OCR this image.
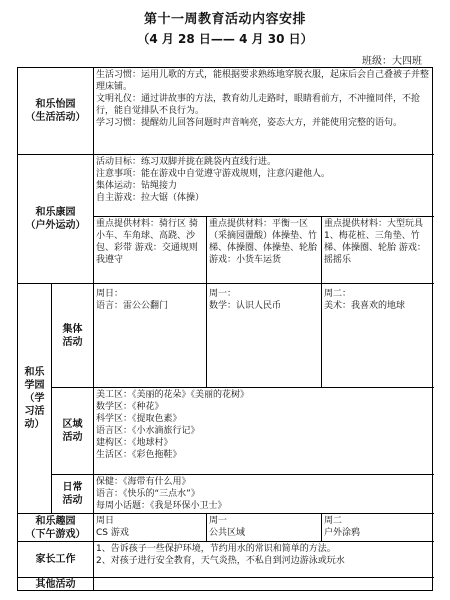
第十一周教育活动内容安排
（4 月 28 日—— 4 月 30 日）
班级：大四班
和乐怡园
（生活活动）
生活习惯：运用儿歌的方式，能根据要求熟练地穿脱衣服，起床后会自己叠被子并整理床铺。
文明礼仪：通过讲故事的方法，教育幼儿走路时，眼睛看前方，不冲撞同伴，不抢行，能自觉排队不良行为。
学习习惯：提醒幼儿回答问题时声音响亮，姿态大方，并能使用完整的语句。
和乐康园
（户外运动）
活动目标：练习双脚并拢在跳袋内直线行进。
注意事项：能在游戏中自觉遵守游戏规则，注意闪避他人。
集体运动：钻绳接力
自主游戏：拉大锯（体操）
重点提供材料：骑行区 骑小车、车角球、高跷、沙包、彩带 游戏：交通规则我遵守
重点提供材料：平衡一区（采摘园盪酸）体操垫、竹梯、体操圈、体操垫、轮胎 游戏：小货车运货
重点提供材料：大型玩具 1、梅花桩、三角垫、竹梯、体操圈、轮胎 游戏：摇摇乐
和乐
学园
（学习活动）
集体
活动
周日：
语言：雷公公翻门
周一：
数学：认识人民币
周二：
美术：我喜欢的地球
区域
活动
美工区：《美丽的花朵》《美丽的花树》
数学区：《种花》
科学区：《提取色素》
语言区：《小水滴旅行记》
建构区：《地球村》
生活区：《彩色拖鞋》
日常
活动
保健：《海带有什么用》
语言：《快乐的“三点水”》
每周小话题：《我是环保小卫士》
和乐趣园
（下午游戏）
周日
CS 游戏
周一
公共区域
周二
户外涂鸦
家长工作
1、告诉孩子一些保护环境，节约用水的常识和简单的方法。
2、对孩子进行安全教育，天气炎热，不私自到河边游泳或玩水
其他活动
